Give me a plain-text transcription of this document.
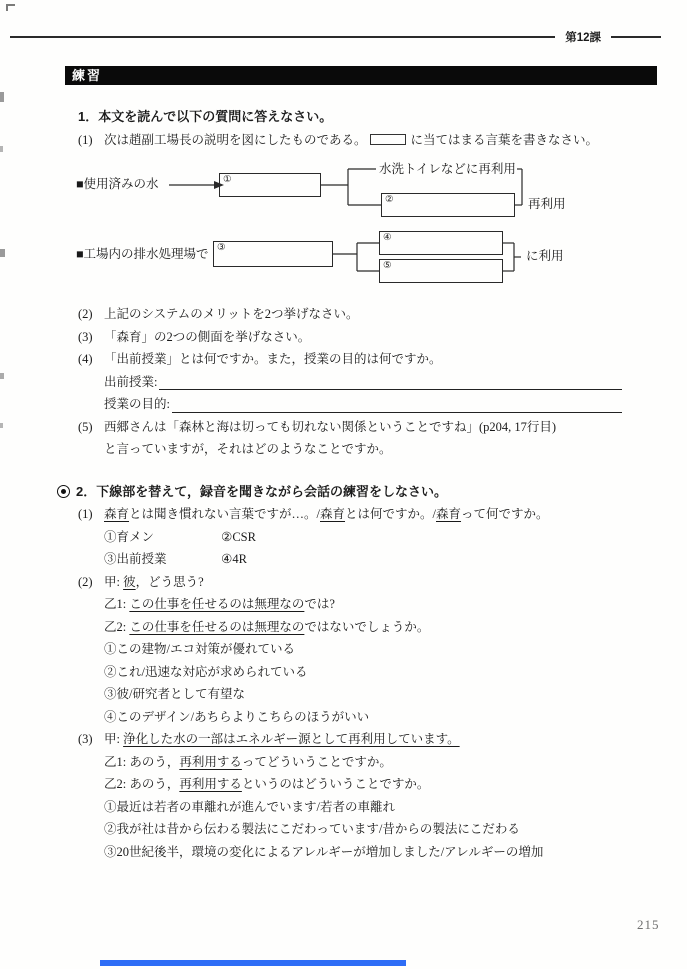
第12課
練習
1．本文を読んで以下の質問に答えなさい。
(1) 次は趙副工場長の説明を図にしたものである。	に当てはまる言葉を書きなさい。
■使用済みの水	①
水洗トイレなどに再利用
②	再利用
■工場内の排水処理場で ③
④
⑤
に利用
(2) 上記のシステムのメリットを2つ挙げなさい。
(3) 「森育」の2つの側面を挙げなさい。
(4) 「出前授業」とは何ですか。また，授業の目的は何ですか。
出前授業:
授業の目的:
(5) 西郷さんは「森林と海は切っても切れない関係ということですね」(p204, 17行目)
と言っていますが，それはどのようなことですか。
2．下線部を替えて，録音を聞きながら会話の練習をしなさい。
(1) 森育とは聞き慣れない言葉ですが…。/森育とは何ですか。/森育って何ですか。
①育メン	②CSR
③出前授業	④4R
(2) 甲: 彼，どう思う?
乙1: この仕事を任せるのは無理なのでは?
乙2: この仕事を任せるのは無理なのではないでしょうか。
①この建物/エコ対策が優れている
②これ/迅速な対応が求められている
③彼/研究者として有望な
④このデザイン/あちらよりこちらのほうがいい
(3) 甲: 浄化した水の一部はエネルギー源として再利用しています。
乙1: あのう，再利用するってどういうことですか。
乙2: あのう，再利用するというのはどういうことですか。
①最近は若者の車離れが進んでいます/若者の車離れ
②我が社は昔から伝わる製法にこだわっています/昔からの製法にこだわる
③20世紀後半，環境の変化によるアレルギーが増加しました/アレルギーの増加
215
